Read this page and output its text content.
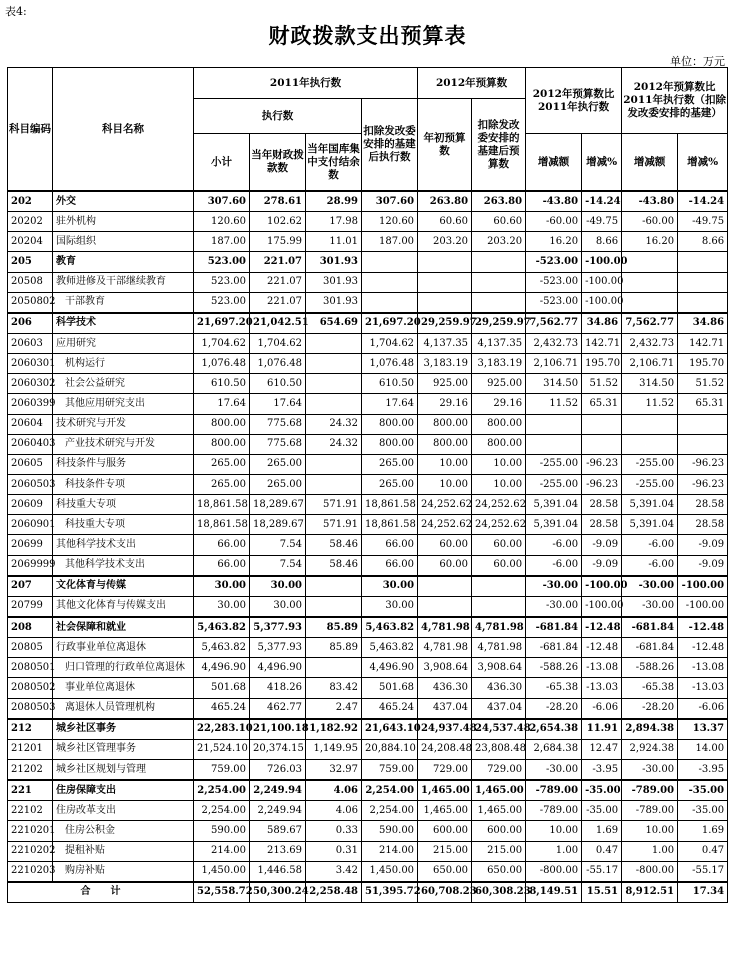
表4:
财政拨款支出预算表
单位：万元
科目编码	科目名称	2011年执行数				2012年预算数		2012年预算数比2011年执行数		2012年预算数比2011年执行数（扣除发改委安排的基建）	
		执行数			扣除发改委安排的基建后执行数	年初预算数	扣除发改委安排的基建后预算数				
		小计	当年财政拨款数	当年国库集中支付结余数				增减额	增减%	增减额	增减%
202	外交	307.60	278.61	28.99	307.60	263.80	263.80	-43.80	-14.24	-43.80	-14.24
20202	驻外机构	120.60	102.62	17.98	120.60	60.60	60.60	-60.00	-49.75	-60.00	-49.75
20204	国际组织	187.00	175.99	11.01	187.00	203.20	203.20	16.20	8.66	16.20	8.66
205	教育	523.00	221.07	301.93				-523.00	-100.00		
20508	教师进修及干部继续教育	523.00	221.07	301.93				-523.00	-100.00		
2050802	干部教育	523.00	221.07	301.93				-523.00	-100.00		
206	科学技术	21,697.20	21,042.51	654.69	21,697.20	29,259.97	29,259.97	7,562.77	34.86	7,562.77	34.86
20603	应用研究	1,704.62	1,704.62		1,704.62	4,137.35	4,137.35	2,432.73	142.71	2,432.73	142.71
2060301	机构运行	1,076.48	1,076.48		1,076.48	3,183.19	3,183.19	2,106.71	195.70	2,106.71	195.70
2060302	社会公益研究	610.50	610.50		610.50	925.00	925.00	314.50	51.52	314.50	51.52
2060399	其他应用研究支出	17.64	17.64		17.64	29.16	29.16	11.52	65.31	11.52	65.31
20604	技术研究与开发	800.00	775.68	24.32	800.00	800.00	800.00				
2060403	产业技术研究与开发	800.00	775.68	24.32	800.00	800.00	800.00				
20605	科技条件与服务	265.00	265.00		265.00	10.00	10.00	-255.00	-96.23	-255.00	-96.23
2060503	科技条件专项	265.00	265.00		265.00	10.00	10.00	-255.00	-96.23	-255.00	-96.23
20609	科技重大专项	18,861.58	18,289.67	571.91	18,861.58	24,252.62	24,252.62	5,391.04	28.58	5,391.04	28.58
2060901	科技重大专项	18,861.58	18,289.67	571.91	18,861.58	24,252.62	24,252.62	5,391.04	28.58	5,391.04	28.58
20699	其他科学技术支出	66.00	7.54	58.46	66.00	60.00	60.00	-6.00	-9.09	-6.00	-9.09
2069999	其他科学技术支出	66.00	7.54	58.46	66.00	60.00	60.00	-6.00	-9.09	-6.00	-9.09
207	文化体育与传媒	30.00	30.00		30.00			-30.00	-100.00	-30.00	-100.00
20799	其他文化体育与传媒支出	30.00	30.00		30.00			-30.00	-100.00	-30.00	-100.00
208	社会保障和就业	5,463.82	5,377.93	85.89	5,463.82	4,781.98	4,781.98	-681.84	-12.48	-681.84	-12.48
20805	行政事业单位离退休	5,463.82	5,377.93	85.89	5,463.82	4,781.98	4,781.98	-681.84	-12.48	-681.84	-12.48
2080501	归口管理的行政单位离退休	4,496.90	4,496.90		4,496.90	3,908.64	3,908.64	-588.26	-13.08	-588.26	-13.08
2080502	事业单位离退休	501.68	418.26	83.42	501.68	436.30	436.30	-65.38	-13.03	-65.38	-13.03
2080503	离退休人员管理机构	465.24	462.77	2.47	465.24	437.04	437.04	-28.20	-6.06	-28.20	-6.06
212	城乡社区事务	22,283.10	21,100.18	1,182.92	21,643.10	24,937.48	24,537.48	2,654.38	11.91	2,894.38	13.37
21201	城乡社区管理事务	21,524.10	20,374.15	1,149.95	20,884.10	24,208.48	23,808.48	2,684.38	12.47	2,924.38	14.00
21202	城乡社区规划与管理	759.00	726.03	32.97	759.00	729.00	729.00	-30.00	-3.95	-30.00	-3.95
221	住房保障支出	2,254.00	2,249.94	4.06	2,254.00	1,465.00	1,465.00	-789.00	-35.00	-789.00	-35.00
22102	住房改革支出	2,254.00	2,249.94	4.06	2,254.00	1,465.00	1,465.00	-789.00	-35.00	-789.00	-35.00
2210201	住房公积金	590.00	589.67	0.33	590.00	600.00	600.00	10.00	1.69	10.00	1.69
2210202	提租补贴	214.00	213.69	0.31	214.00	215.00	215.00	1.00	0.47	1.00	0.47
2210203	购房补贴	1,450.00	1,446.58	3.42	1,450.00	650.00	650.00	-800.00	-55.17	-800.00	-55.17
合　　计		52,558.72	50,300.24	2,258.48	51,395.72	60,708.23	60,308.23	8,149.51	15.51	8,912.51	17.34
